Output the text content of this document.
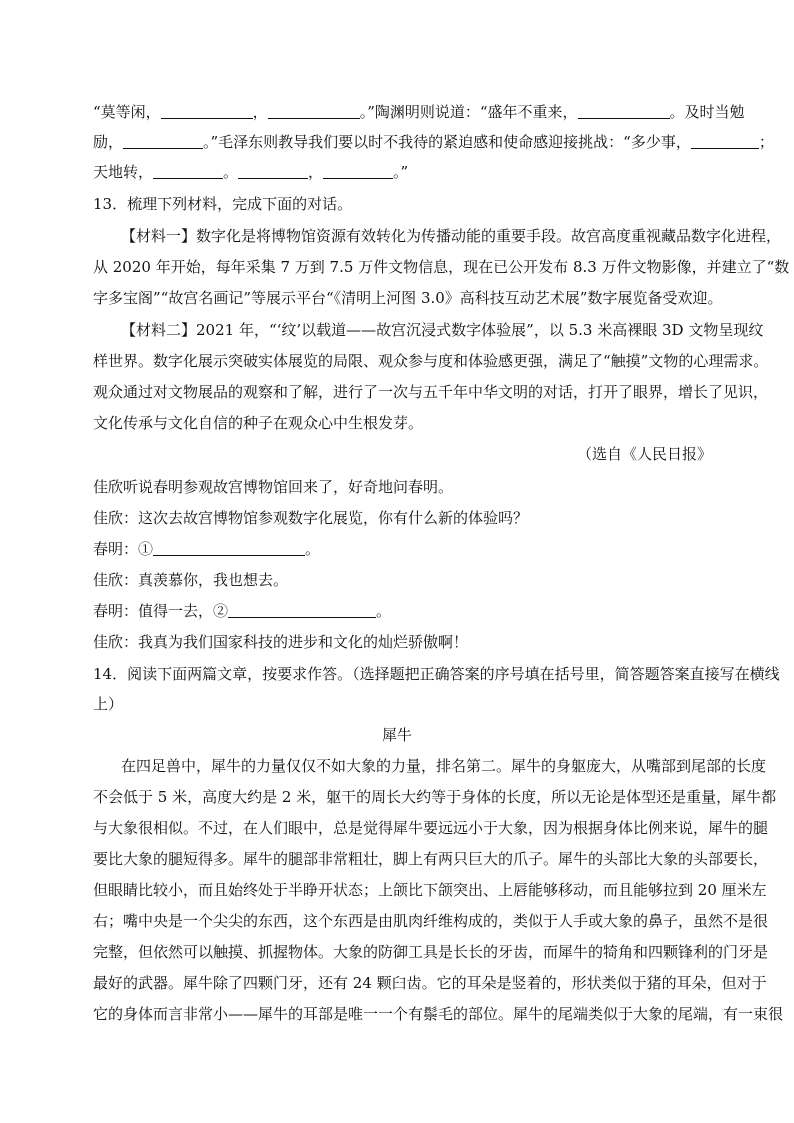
“莫等闲，	，	。”陶渊明则说道：“盛年不重来，	。及时当勉
励，	。”毛泽东则教导我们要以时不我待的紧迫感和使命感迎接挑战：“多少事，	；
天地转，	。	，	。”
13．梳理下列材料，完成下面的对话。
【材料一】数字化是将博物馆资源有效转化为传播动能的重要手段。故宫高度重视藏品数字化进程，
从 2020 年开始，每年采集 7 万到 7.5 万件文物信息，现在已公开发布 8.3 万件文物影像，并建立了“数
字多宝阁”“故宫名画记”等展示平台“《清明上河图 3.0》高科技互动艺术展”数字展览备受欢迎。
【材料二】2021 年，“‘纹’以载道——故宫沉浸式数字体验展”，以 5.3 米高裸眼 3D 文物呈现纹
样世界。数字化展示突破实体展览的局限、观众参与度和体验感更强，满足了“触摸”文物的心理需求。
观众通过对文物展品的观察和了解，进行了一次与五千年中华文明的对话，打开了眼界，增长了见识，
文化传承与文化自信的种子在观众心中生根发芽。
（选自《人民日报》
佳欣听说春明参观故宫博物馆回来了，好奇地问春明。
佳欣：这次去故宫博物馆参观数字化展览，你有什么新的体验吗？
春明：①	。
佳欣：真羡慕你，我也想去。
春明：值得一去，②	。
佳欣：我真为我们国家科技的进步和文化的灿烂骄傲啊！
14．阅读下面两篇文章，按要求作答。（选择题把正确答案的序号填在括号里，简答题答案直接写在横线
上）
犀牛
在四足兽中，犀牛的力量仅仅不如大象的力量，排名第二。犀牛的身躯庞大，从嘴部到尾部的长度
不会低于 5 米，高度大约是 2 米，躯干的周长大约等于身体的长度，所以无论是体型还是重量，犀牛都
与大象很相似。不过，在人们眼中，总是觉得犀牛要远远小于大象，因为根据身体比例来说，犀牛的腿
要比大象的腿短得多。犀牛的腿部非常粗壮，脚上有两只巨大的爪子。犀牛的头部比大象的头部要长，
但眼睛比较小，而且始终处于半睁开状态；上颌比下颌突出、上唇能够移动，而且能够拉到 20 厘米左
右；嘴中央是一个尖尖的东西，这个东西是由肌肉纤维构成的，类似于人手或大象的鼻子，虽然不是很
完整，但依然可以触摸、抓握物体。大象的防御工具是长长的牙齿，而犀牛的犄角和四颗锋利的门牙是
最好的武器。犀牛除了四颗门牙，还有 24 颗臼齿。它的耳朵是竖着的，形状类似于猪的耳朵，但对于
它的身体而言非常小——犀牛的耳部是唯一一个有鬃毛的部位。犀牛的尾端类似于大象的尾端，有一束很
